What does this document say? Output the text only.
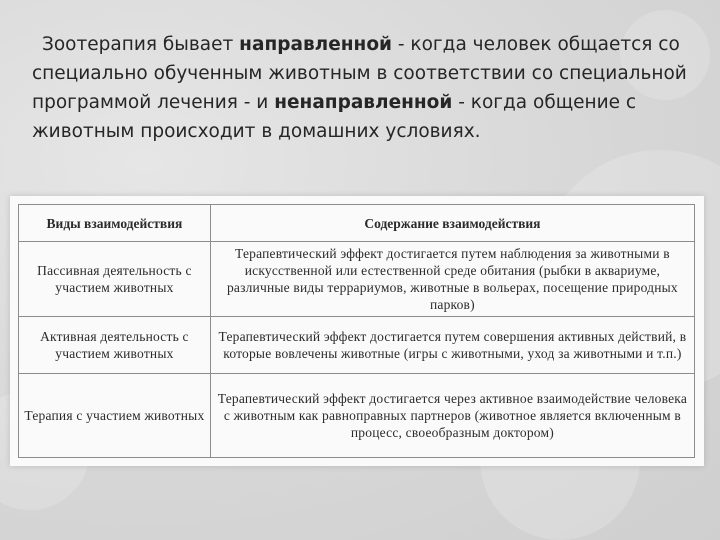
Зоотерапия бывает направленной - когда человек общается со специально обученным животным в соответствии со специальной программой лечения - и ненаправленной - когда общение с животным происходит в домашних условиях.

Виды взаимодействия	Содержание взаимодействия
Пассивная деятельность с участием животных	Терапевтический эффект достигается путем наблюдения за животными в искусственной или естественной среде обитания (рыбки в аквариуме, различные виды террариумов, животные в вольерах, посещение природных парков)
Активная деятельность с участием животных	Терапевтический эффект достигается путем совершения активных действий, в которые вовлечены животные (игры с животными, уход за животными и т.п.)
Терапия с участием животных	Терапевтический эффект достигается через активное взаимодействие человека с животным как равноправных партнеров (животное является включенным в процесс, своеобразным доктором)
